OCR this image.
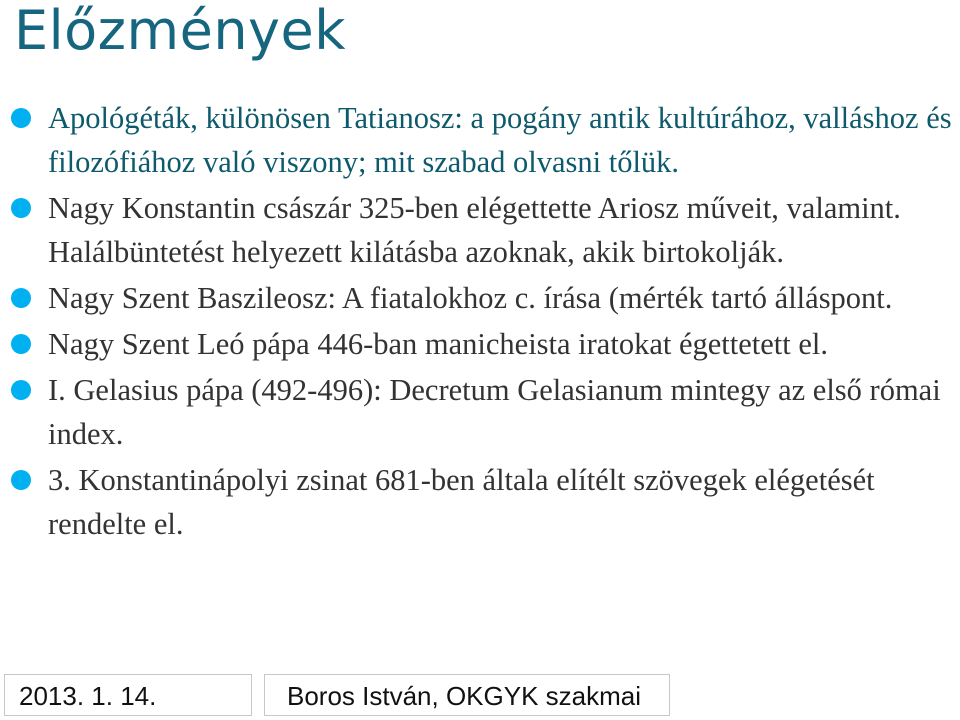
Előzmények
Apológéták, különösen Tatianosz: a pogány antik kultúrához, valláshoz és filozófiához való viszony; mit szabad olvasni tőlük.
Nagy Konstantin császár 325-ben elégettette Ariosz műveit, valamint. Halálbüntetést helyezett kilátásba azoknak, akik birtokolják.
Nagy Szent Baszileosz: A fiatalokhoz c. írása (mérték tartó álláspont.
Nagy Szent Leó pápa 446-ban manicheista iratokat égettetett el.
I. Gelasius pápa (492-496): Decretum Gelasianum mintegy az első római index.
3. Konstantinápolyi zsinat 681-ben általa elítélt szövegek elégetését rendelte el.
2013. 1. 14.	Boros István, OKGYK szakmai
